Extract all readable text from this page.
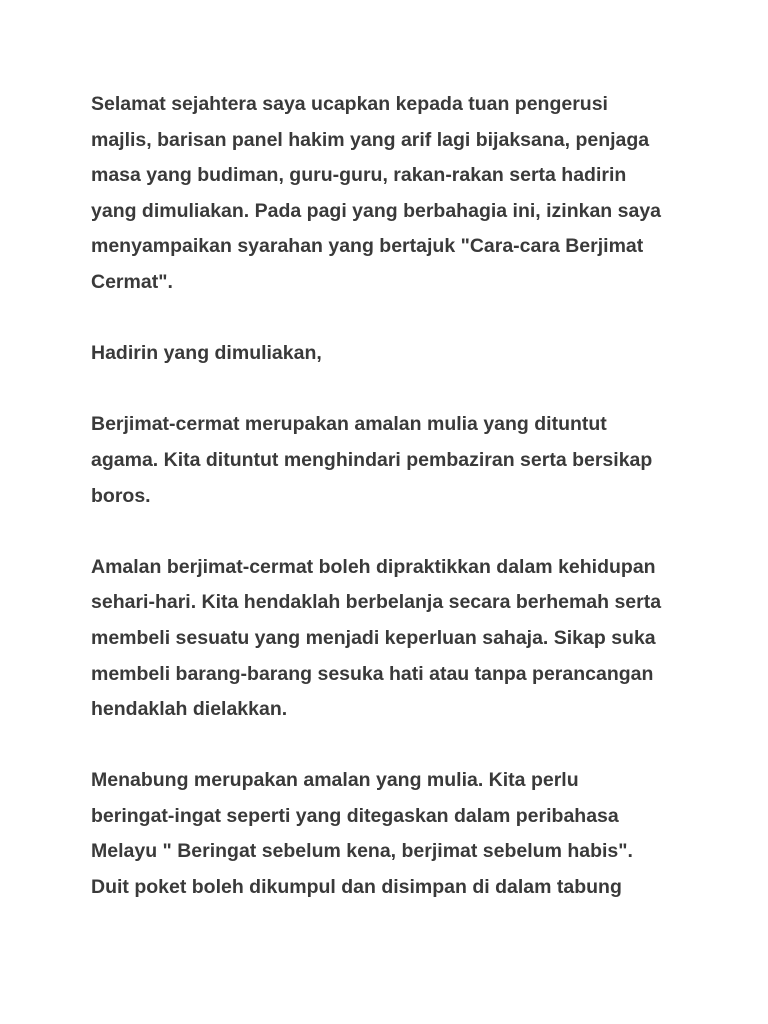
Selamat sejahtera saya ucapkan kepada tuan pengerusi
majlis, barisan panel hakim yang arif lagi bijaksana, penjaga
masa yang budiman, guru-guru, rakan-rakan serta hadirin
yang dimuliakan. Pada pagi yang berbahagia ini, izinkan saya
menyampaikan syarahan yang bertajuk "Cara-cara Berjimat
Cermat".
Hadirin yang dimuliakan,
Berjimat-cermat merupakan amalan mulia yang dituntut
agama. Kita dituntut menghindari pembaziran serta bersikap
boros.
Amalan berjimat-cermat boleh dipraktikkan dalam kehidupan
sehari-hari. Kita hendaklah berbelanja secara berhemah serta
membeli sesuatu yang menjadi keperluan sahaja. Sikap suka
membeli barang-barang sesuka hati atau tanpa perancangan
hendaklah dielakkan.
Menabung merupakan amalan yang mulia. Kita perlu
beringat-ingat seperti yang ditegaskan dalam peribahasa
Melayu " Beringat sebelum kena, berjimat sebelum habis".
Duit poket boleh dikumpul dan disimpan di dalam tabung
